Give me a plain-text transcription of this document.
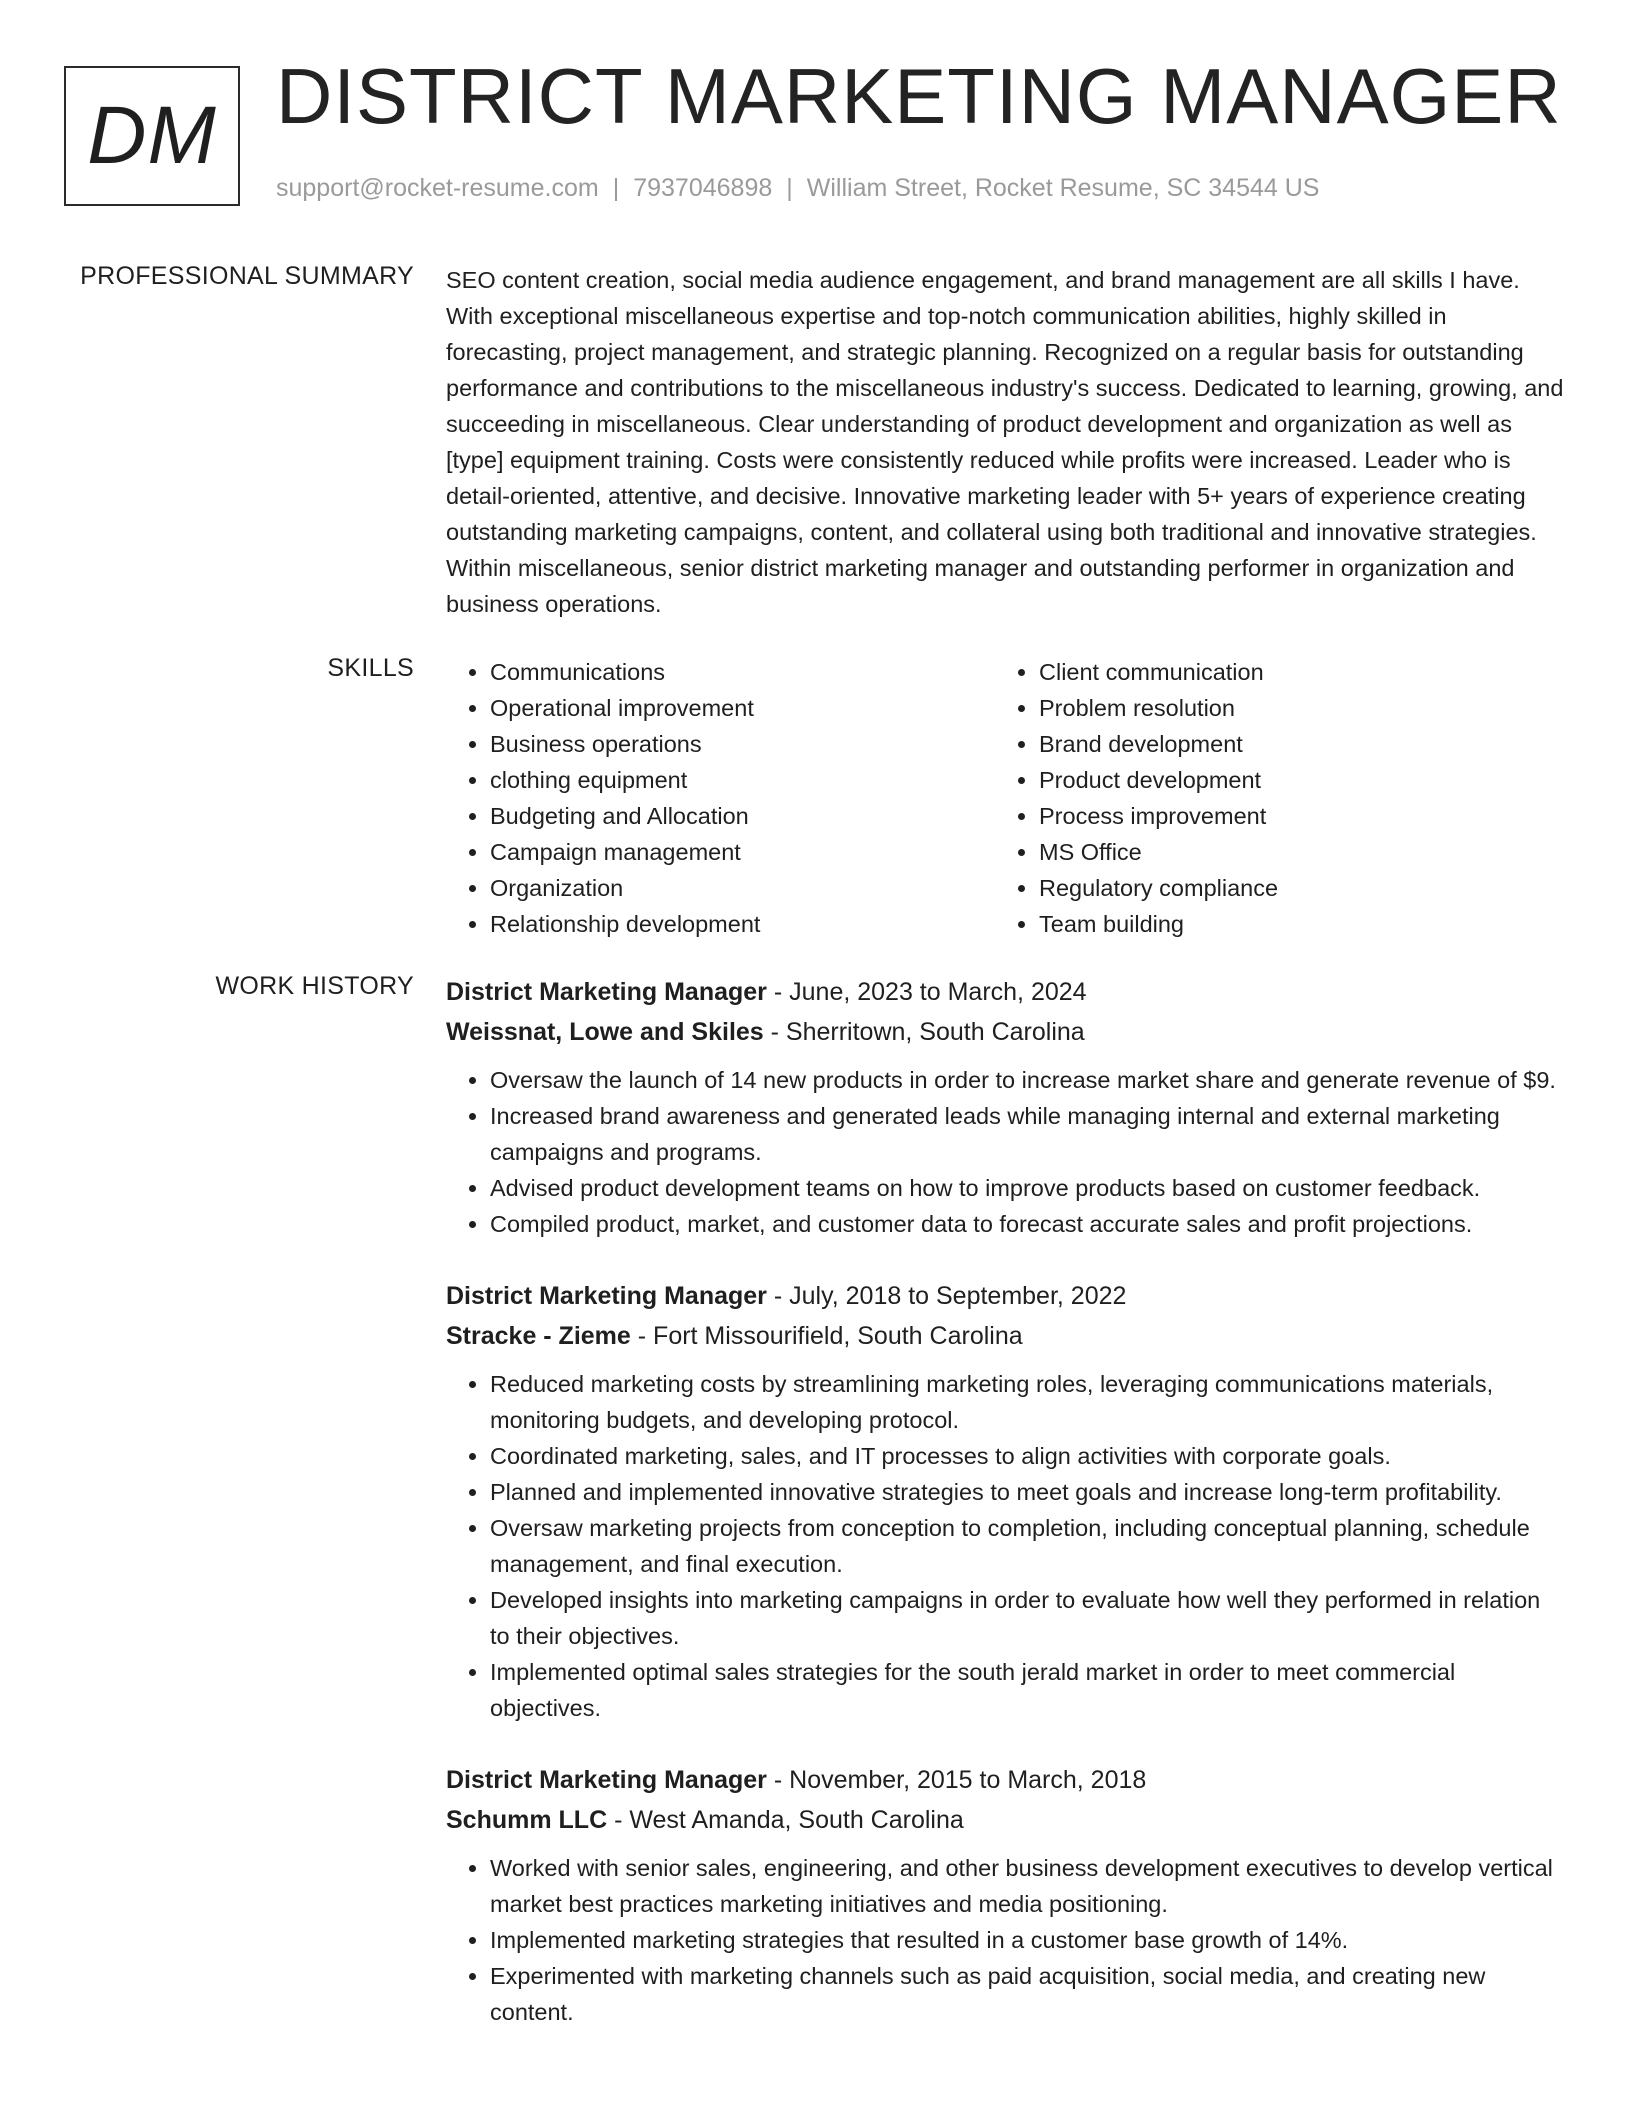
DM DISTRICT MARKETING MANAGER
support@rocket-resume.com | 7937046898 | William Street, Rocket Resume, SC 34544 US
PROFESSIONAL SUMMARY SEO content creation, social media audience engagement, and brand management are all skills I have. With exceptional miscellaneous expertise and top-notch communication abilities, highly skilled in forecasting, project management, and strategic planning. Recognized on a regular basis for outstanding performance and contributions to the miscellaneous industry's success. Dedicated to learning, growing, and succeeding in miscellaneous. Clear understanding of product development and organization as well as [type] equipment training. Costs were consistently reduced while profits were increased. Leader who is detail-oriented, attentive, and decisive. Innovative marketing leader with 5+ years of experience creating outstanding marketing campaigns, content, and collateral using both traditional and innovative strategies. Within miscellaneous, senior district marketing manager and outstanding performer in organization and business operations.

SKILLS
•	Communications
• Operational improvement
• Business operations
• clothing equipment
• Budgeting and Allocation
• Campaign management
• Organization
• Relationship development
• Client communication
• Problem resolution
• Brand development
• Product development
• Process improvement
• MS Office
• Regulatory compliance
• Team building
WORK HISTORY District Marketing Manager - June, 2023 to March, 2024
Weissnat, Lowe and Skiles - Sherritown, South Carolina
• Oversaw the launch of 14 new products in order to increase market share and generate revenue of $9.
• Increased brand awareness and generated leads while managing internal and external marketing campaigns and programs.
• Advised product development teams on how to improve products based on customer feedback.
• Compiled product, market, and customer data to forecast accurate sales and profit projections.
District Marketing Manager - July, 2018 to September, 2022
Stracke - Zieme - Fort Missourifield, South Carolina
• Reduced marketing costs by streamlining marketing roles, leveraging communications materials, monitoring budgets, and developing protocol.
• Coordinated marketing, sales, and IT processes to align activities with corporate goals.
• Planned and implemented innovative strategies to meet goals and increase long-term profitability.
• Oversaw marketing projects from conception to completion, including conceptual planning, schedule management, and final execution.
• Developed insights into marketing campaigns in order to evaluate how well they performed in relation to their objectives.
• Implemented optimal sales strategies for the south jerald market in order to meet commercial objectives.
District Marketing Manager - November, 2015 to March, 2018
Schumm LLC - West Amanda, South Carolina
• Worked with senior sales, engineering, and other business development executives to develop vertical market best practices marketing initiatives and media positioning.
• Implemented marketing strategies that resulted in a customer base growth of 14%.
• Experimented with marketing channels such as paid acquisition, social media, and creating new content.
